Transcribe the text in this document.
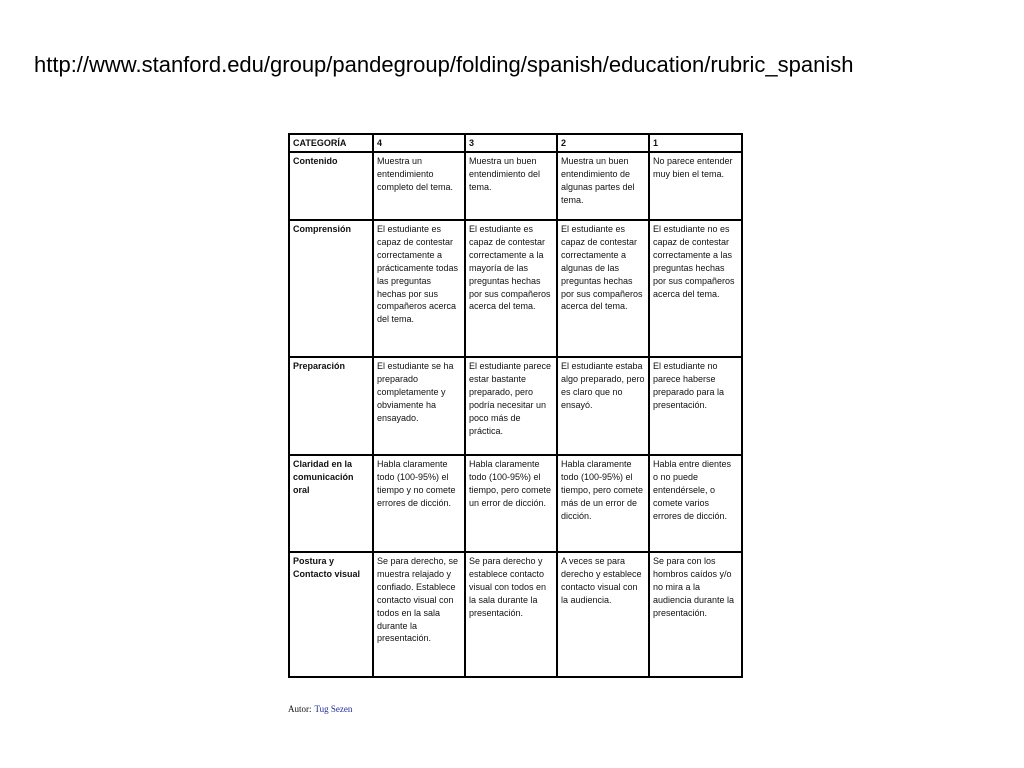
http://www.stanford.edu/group/pandegroup/folding/spanish/education/rubric_spanish
CATEGORÍA	4	3	2	1
Contenido	Muestra un entendimiento completo del tema.	Muestra un buen entendimiento del tema.	Muestra un buen entendimiento de algunas partes del tema.	No parece entender muy bien el tema.
Comprensión	El estudiante es capaz de contestar correctamente a prácticamente todas las preguntas hechas por sus compañeros acerca del tema.	El estudiante es capaz de contestar correctamente a la mayoría de las preguntas hechas por sus compañeros acerca del tema.	El estudiante es capaz de contestar correctamente a algunas de las preguntas hechas por sus compañeros acerca del tema.	El estudiante no es capaz de contestar correctamente a las preguntas hechas por sus compañeros acerca del tema.
Preparación	El estudiante se ha preparado completamente y obviamente ha ensayado.	El estudiante parece estar bastante preparado, pero podría necesitar un poco más de práctica.	El estudiante estaba algo preparado, pero es claro que no ensayó.	El estudiante no parece haberse preparado para la presentación.
Claridad en la comunicación oral	Habla claramente todo (100-95%) el tiempo y no comete errores de dicción.	Habla claramente todo (100-95%) el tiempo, pero comete un error de dicción.	Habla claramente todo (100-95%) el tiempo, pero comete más de un error de dicción.	Habla entre dientes o no puede entendérsele, o comete varios errores de dicción.
Postura y Contacto visual	Se para derecho, se muestra relajado y confiado. Establece contacto visual con todos en la sala durante la presentación.	Se para derecho y establece contacto visual con todos en la sala durante la presentación.	A veces se para derecho y establece contacto visual con la audiencia.	Se para con los hombros caídos y/o no mira a la audiencia durante la presentación.
Autor: Tug Sezen
